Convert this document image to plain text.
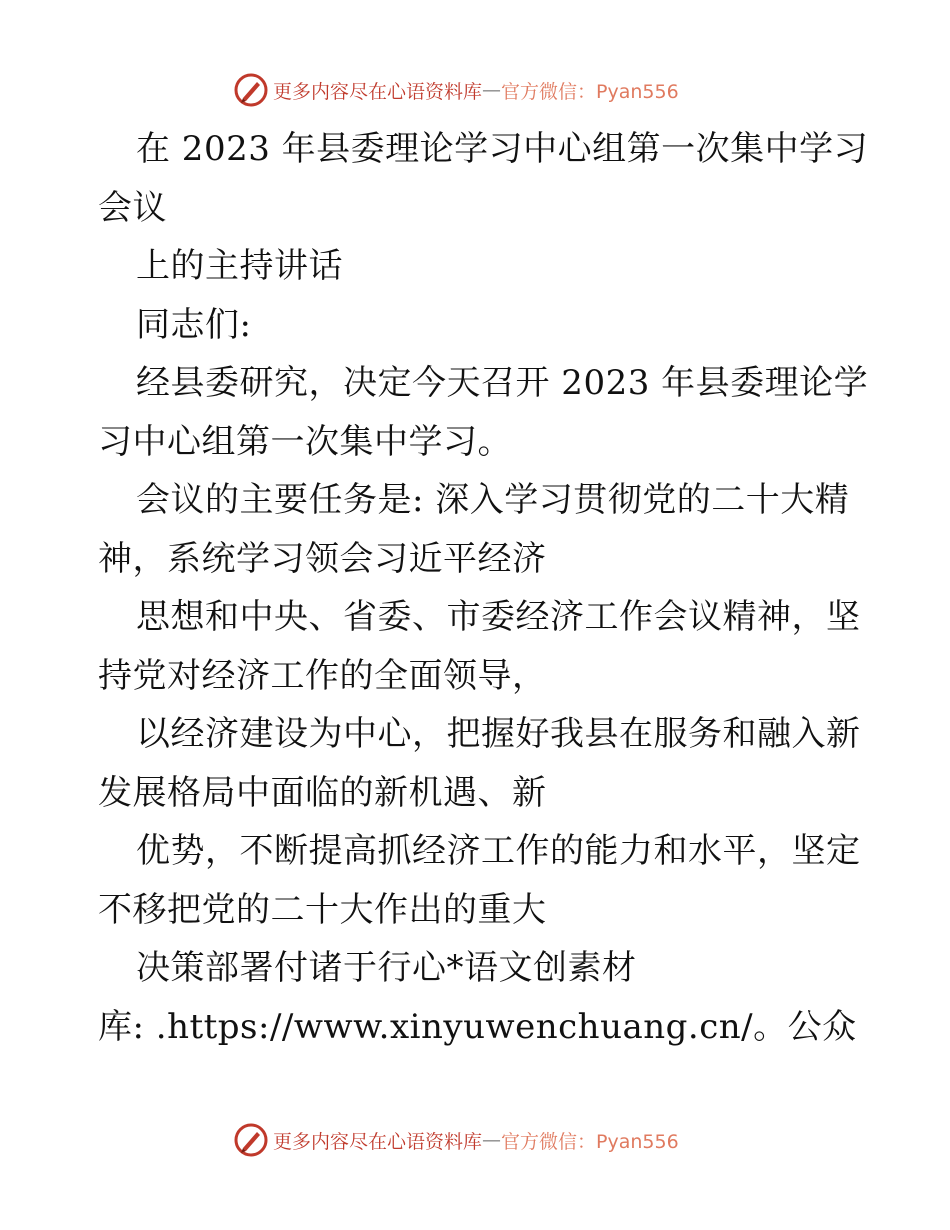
更多内容尽在心语资料库 — 官方微信：Pyan556

在 2023 年县委理论学习中心组第一次集中学习

会议

上的主持讲话

同志们:

经县委研究，决定今天召开 2023 年县委理论学

习中心组第一次集中学习。

会议的主要任务是: 深入学习贯彻党的二十大精

神，系统学习领会习近平经济

思想和中央、省委、市委经济工作会议精神，坚

持党对经济工作的全面领导，

以经济建设为中心，把握好我县在服务和融入新

发展格局中面临的新机遇、新

优势，不断提高抓经济工作的能力和水平，坚定

不移把党的二十大作出的重大

决策部署付诸于行心*语文创素材

库: .https://www.xinyuwenchuang.cn/。公众

更多内容尽在心语资料库 — 官方微信：Pyan556
